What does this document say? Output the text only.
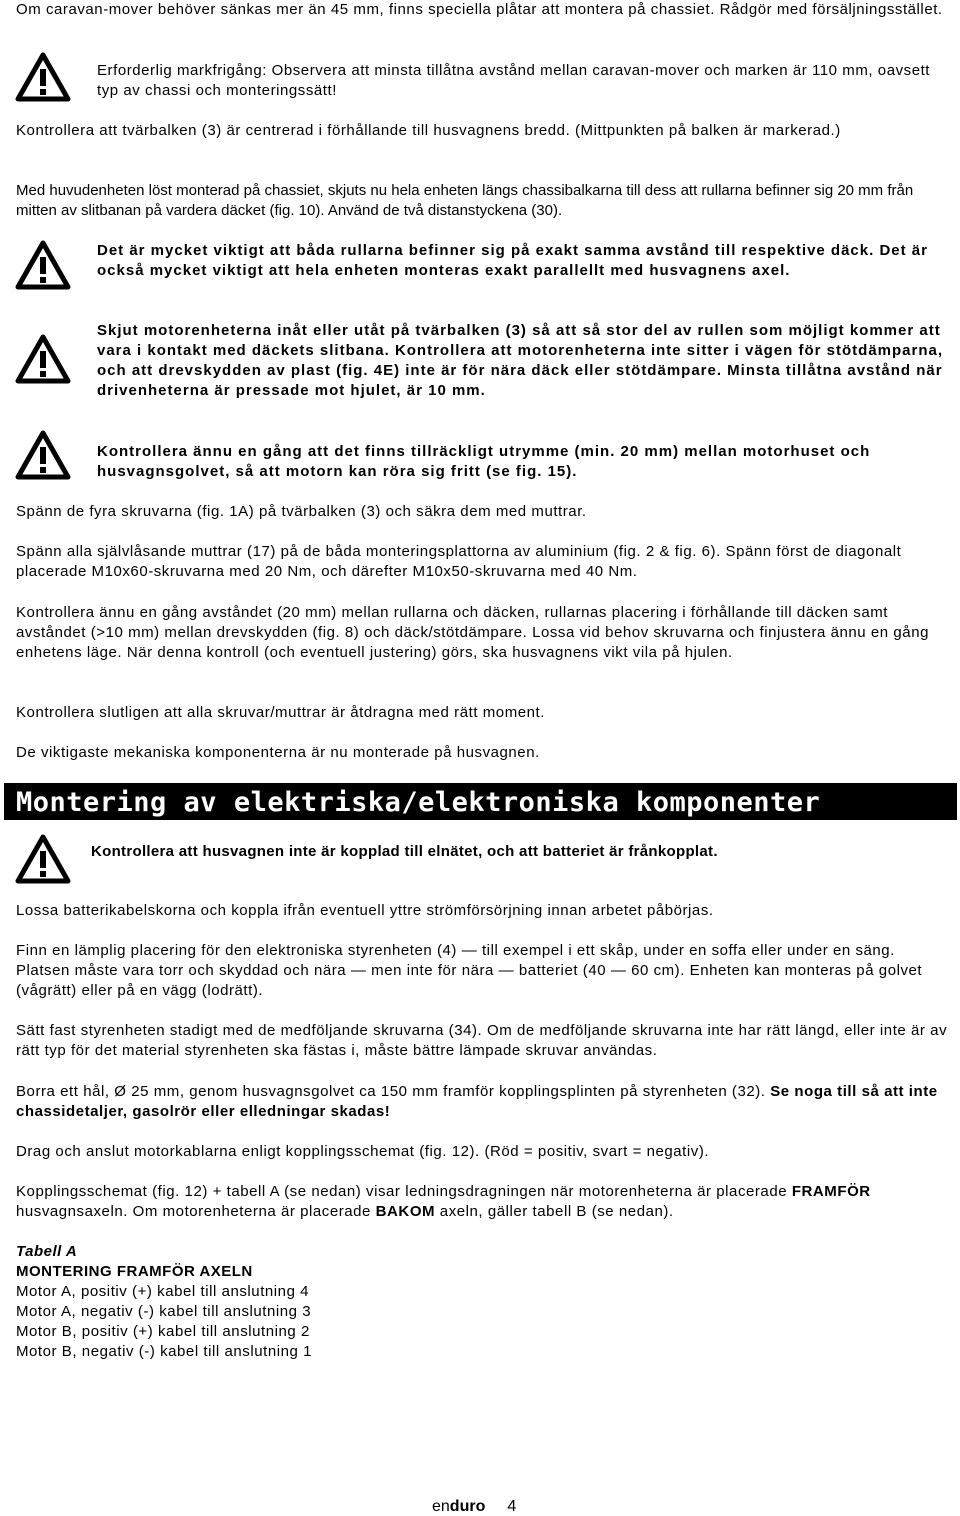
Om caravan-mover behöver sänkas mer än 45 mm, finns speciella plåtar att montera på chassiet. Rådgör med försäljningsstället.

Erforderlig markfrigång: Observera att minsta tillåtna avstånd mellan caravan-mover och marken är 110 mm, oavsett typ av chassi och monteringssätt!

Kontrollera att tvärbalken (3) är centrerad i förhållande till husvagnens bredd. (Mittpunkten på balken är markerad.)

Med huvudenheten löst monterad på chassiet, skjuts nu hela enheten längs chassibalkarna till dess att rullarna befinner sig 20 mm från mitten av slitbanan på vardera däcket (fig. 10). Använd de två distanstyckena (30).

Det är mycket viktigt att båda rullarna befinner sig på exakt samma avstånd till respektive däck. Det är också mycket viktigt att hela enheten monteras exakt parallellt med husvagnens axel.

Skjut motorenheterna inåt eller utåt på tvärbalken (3) så att så stor del av rullen som möjligt kommer att vara i kontakt med däckets slitbana. Kontrollera att motorenheterna inte sitter i vägen för stötdämparna, och att drevskydden av plast (fig. 4E) inte är för nära däck eller stötdämpare. Minsta tillåtna avstånd när drivenheterna är pressade mot hjulet, är 10 mm.

Kontrollera ännu en gång att det finns tillräckligt utrymme (min. 20 mm) mellan motorhuset och husvagnsgolvet, så att motorn kan röra sig fritt (se fig. 15).

Spänn de fyra skruvarna (fig. 1A) på tvärbalken (3) och säkra dem med muttrar.

Spänn alla självlåsande muttrar (17) på de båda monteringsplattorna av aluminium (fig. 2 & fig. 6). Spänn först de diagonalt placerade M10x60-skruvarna med 20 Nm, och därefter M10x50-skruvarna med 40 Nm.

Kontrollera ännu en gång avståndet (20 mm) mellan rullarna och däcken, rullarnas placering i förhållande till däcken samt avståndet (>10 mm) mellan drevskydden (fig. 8) och däck/stötdämpare. Lossa vid behov skruvarna och finjustera ännu en gång enhetens läge. När denna kontroll (och eventuell justering) görs, ska husvagnens vikt vila på hjulen.

Kontrollera slutligen att alla skruvar/muttrar är åtdragna med rätt moment.

De viktigaste mekaniska komponenterna är nu monterade på husvagnen.

Montering av elektriska/elektroniska komponenter

Kontrollera att husvagnen inte är kopplad till elnätet, och att batteriet är frånkopplat.

Lossa batterikabelskorna och koppla ifrån eventuell yttre strömförsörjning innan arbetet påbörjas.

Finn en lämplig placering för den elektroniska styrenheten (4) — till exempel i ett skåp, under en soffa eller under en säng. Platsen måste vara torr och skyddad och nära — men inte för nära — batteriet (40 — 60 cm). Enheten kan monteras på golvet (vågrätt) eller på en vägg (lodrätt).

Sätt fast styrenheten stadigt med de medföljande skruvarna (34). Om de medföljande skruvarna inte har rätt längd, eller inte är av rätt typ för det material styrenheten ska fästas i, måste bättre lämpade skruvar användas.

Borra ett hål, Ø 25 mm, genom husvagnsgolvet ca 150 mm framför kopplingsplinten på styrenheten (32). Se noga till så att inte chassidetaljer, gasolrör eller elledningar skadas!

Drag och anslut motorkablarna enligt kopplingsschemat (fig. 12). (Röd = positiv, svart = negativ).

Kopplingsschemat (fig. 12) + tabell A (se nedan) visar ledningsdragningen när motorenheterna är placerade FRAMFÖR husvagnsaxeln. Om motorenheterna är placerade BAKOM axeln, gäller tabell B (se nedan).

Tabell A
MONTERING FRAMFÖR AXELN
Motor A, positiv (+) kabel till anslutning 4
Motor A, negativ (-) kabel till anslutning 3
Motor B, positiv (+) kabel till anslutning 2
Motor B, negativ (-) kabel till anslutning 1
enduro 4
